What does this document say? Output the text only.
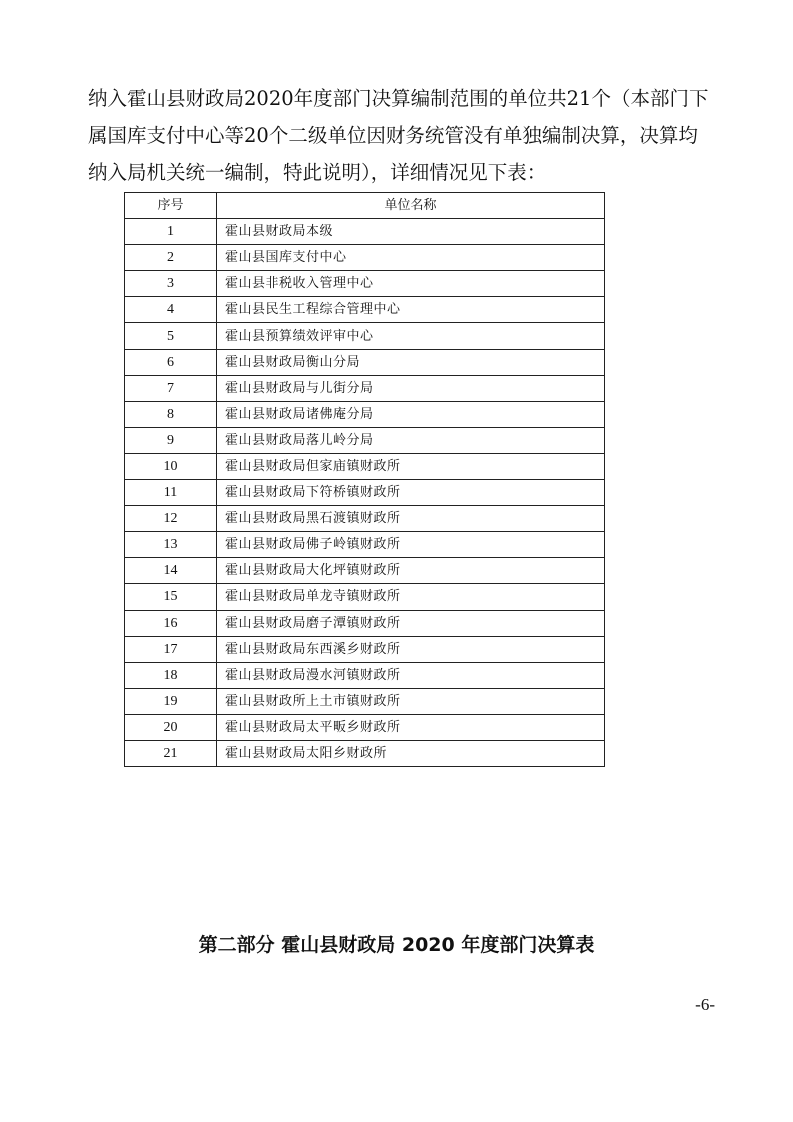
纳入霍山县财政局2020年度部门决算编制范围的单位共21个（本部门下属国库支付中心等20个二级单位因财务统管没有单独编制决算，决算均纳入局机关统一编制，特此说明），详细情况见下表：

序号	单位名称
1	霍山县财政局本级
2	霍山县国库支付中心
3	霍山县非税收入管理中心
4	霍山县民生工程综合管理中心
5	霍山县预算绩效评审中心
6	霍山县财政局衡山分局
7	霍山县财政局与儿街分局
8	霍山县财政局诸佛庵分局
9	霍山县财政局落儿岭分局
10	霍山县财政局但家庙镇财政所
11	霍山县财政局下符桥镇财政所
12	霍山县财政局黑石渡镇财政所
13	霍山县财政局佛子岭镇财政所
14	霍山县财政局大化坪镇财政所
15	霍山县财政局单龙寺镇财政所
16	霍山县财政局磨子潭镇财政所
17	霍山县财政局东西溪乡财政所
18	霍山县财政局漫水河镇财政所
19	霍山县财政所上土市镇财政所
20	霍山县财政局太平畈乡财政所
21	霍山县财政局太阳乡财政所
第二部分 霍山县财政局 2020 年度部门决算表
-6-
